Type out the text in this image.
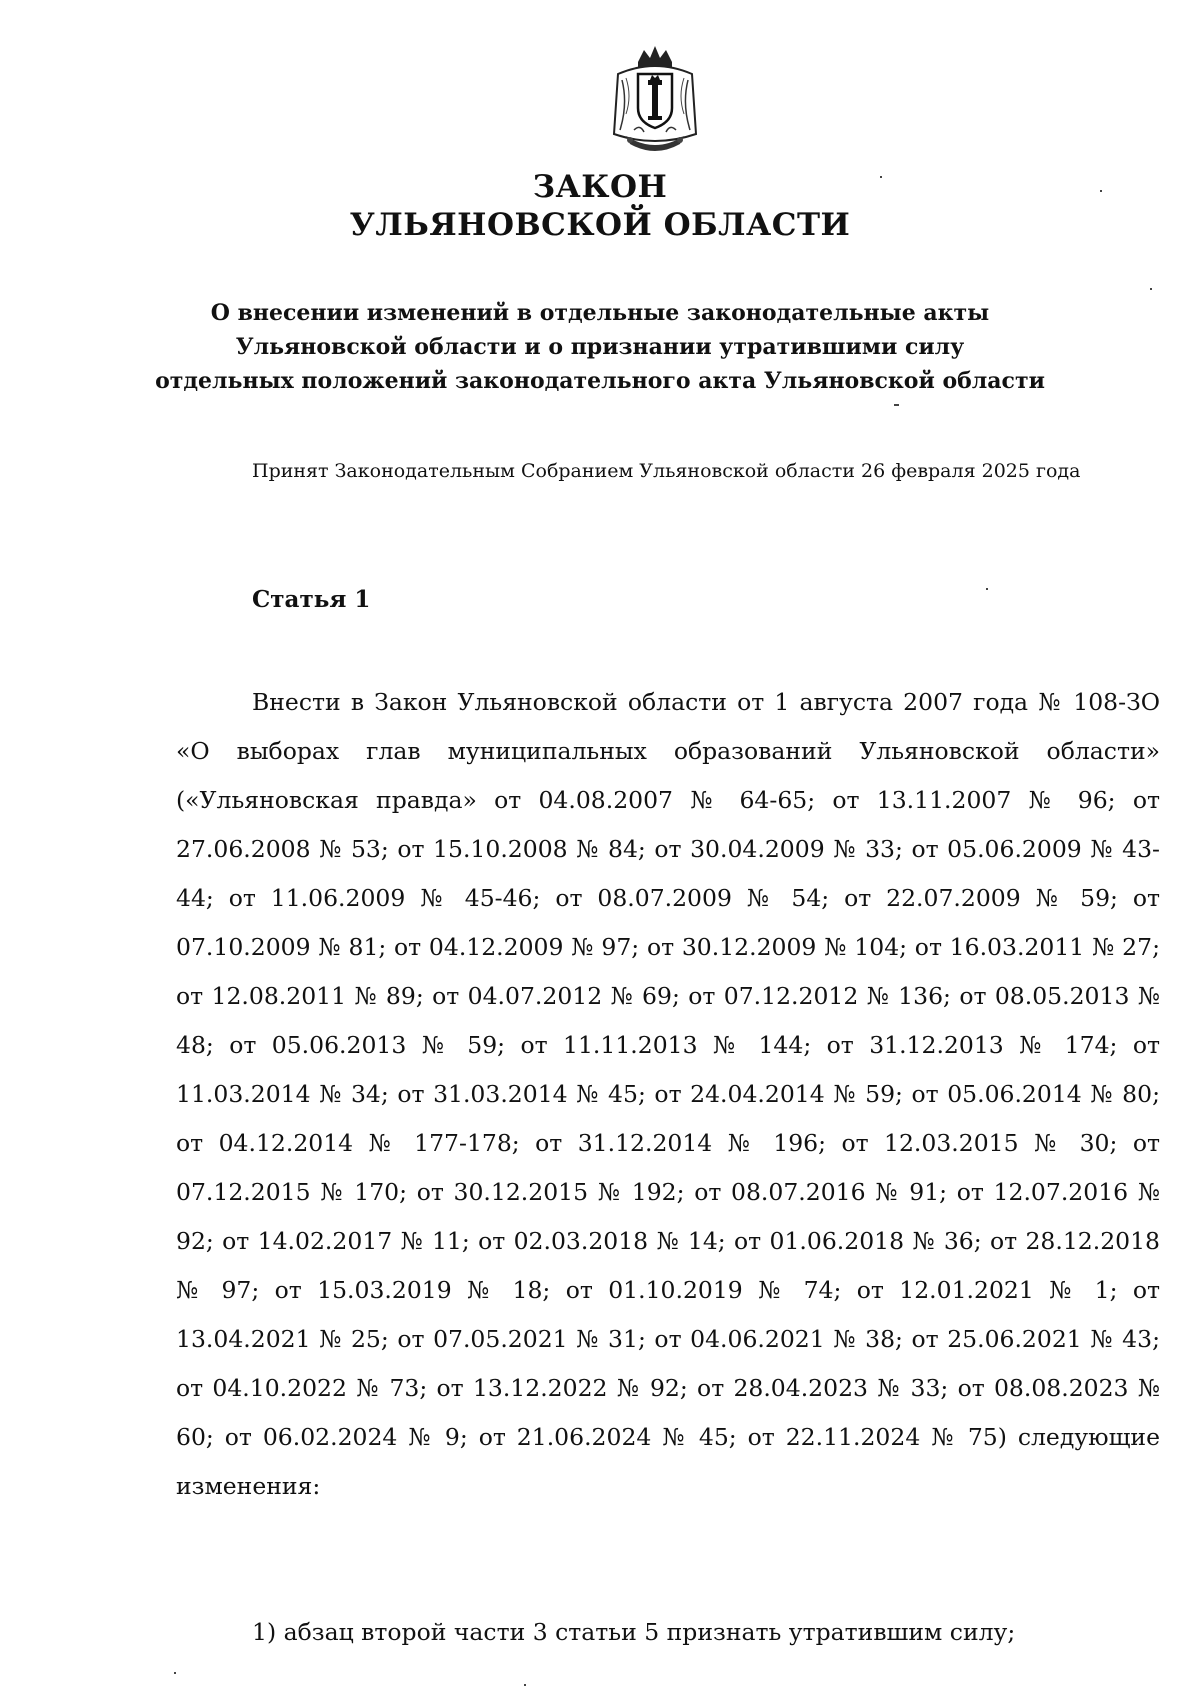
ЗАКОН
УЛЬЯНОВСКОЙ ОБЛАСТИ
О внесении изменений в отдельные законодательные акты
Ульяновской области и о признании утратившими силу
отдельных положений законодательного акта Ульяновской области
Принят Законодательным Собранием Ульяновской области 26 февраля 2025 года
Статья 1
Внести в Закон Ульяновской области от 1 августа 2007 года № 108-ЗО «О выборах глав муниципальных образований Ульяновской области» («Ульяновская правда» от 04.08.2007 № 64-65; от 13.11.2007 № 96; от 27.06.2008 № 53; от 15.10.2008 № 84; от 30.04.2009 № 33; от 05.06.2009 № 43-44; от 11.06.2009 № 45-46; от 08.07.2009 № 54; от 22.07.2009 № 59; от 07.10.2009 № 81; от 04.12.2009 № 97; от 30.12.2009 № 104; от 16.03.2011 № 27; от 12.08.2011 № 89; от 04.07.2012 № 69; от 07.12.2012 № 136; от 08.05.2013 № 48; от 05.06.2013 № 59; от 11.11.2013 № 144; от 31.12.2013 № 174; от 11.03.2014 № 34; от 31.03.2014 № 45; от 24.04.2014 № 59; от 05.06.2014 № 80; от 04.12.2014 № 177-178; от 31.12.2014 № 196; от 12.03.2015 № 30; от 07.12.2015 № 170; от 30.12.2015 № 192; от 08.07.2016 № 91; от 12.07.2016 № 92; от 14.02.2017 № 11; от 02.03.2018 № 14; от 01.06.2018 № 36; от 28.12.2018 № 97; от 15.03.2019 № 18; от 01.10.2019 № 74; от 12.01.2021 № 1; от 13.04.2021 № 25; от 07.05.2021 № 31; от 04.06.2021 № 38; от 25.06.2021 № 43; от 04.10.2022 № 73; от 13.12.2022 № 92; от 28.04.2023 № 33; от 08.08.2023 № 60; от 06.02.2024 № 9; от 21.06.2024 № 45; от 22.11.2024 № 75) следующие изменения:
1) абзац второй части 3 статьи 5 признать утратившим силу;
